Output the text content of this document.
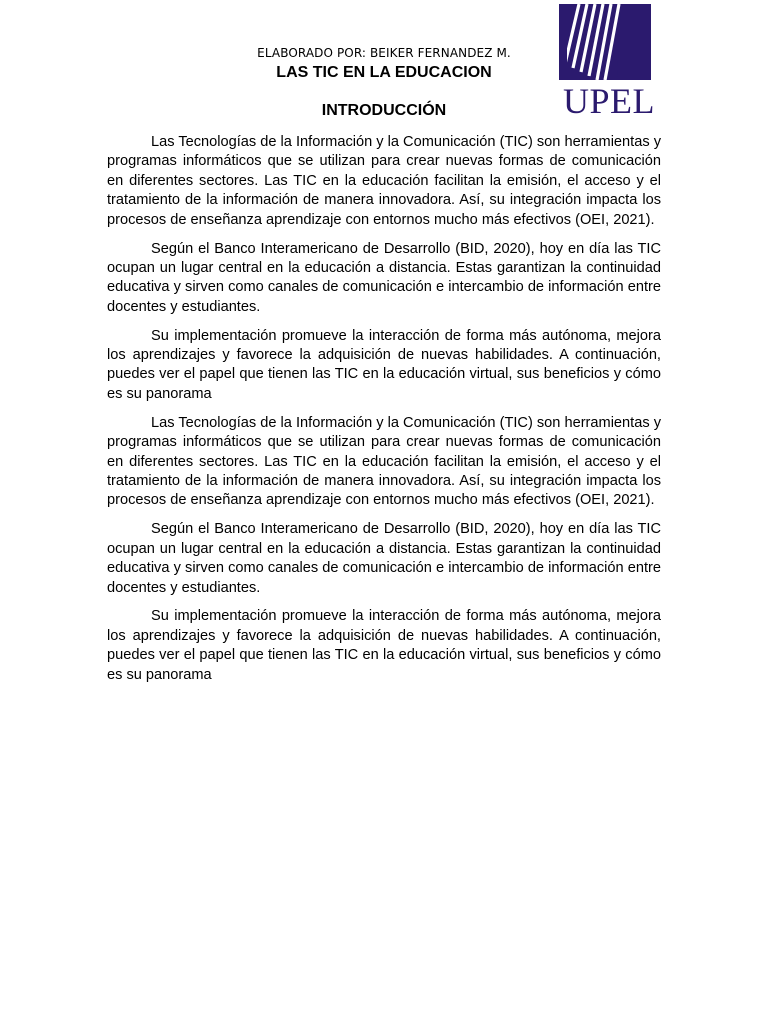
ELABORADO POR: BEIKER FERNANDEZ M.
LAS TIC EN LA EDUCACION
INTRODUCCIÓN	UPEL

Las Tecnologías de la Información y la Comunicación (TIC) son herramientas y programas informáticos que se utilizan para crear nuevas formas de comunicación en diferentes sectores. Las TIC en la educación facilitan la emisión, el acceso y el tratamiento de la información de manera innovadora. Así, su integración impacta los procesos de enseñanza aprendizaje con entornos mucho más efectivos (OEI, 2021).

Según el Banco Interamericano de Desarrollo (BID, 2020), hoy en día las TIC ocupan un lugar central en la educación a distancia. Estas garantizan la continuidad educativa y sirven como canales de comunicación e intercambio de información entre docentes y estudiantes.

Su implementación promueve la interacción de forma más autónoma, mejora los aprendizajes y favorece la adquisición de nuevas habilidades. A continuación, puedes ver el papel que tienen las TIC en la educación virtual, sus beneficios y cómo es su panorama

Las Tecnologías de la Información y la Comunicación (TIC) son herramientas y programas informáticos que se utilizan para crear nuevas formas de comunicación en diferentes sectores. Las TIC en la educación facilitan la emisión, el acceso y el tratamiento de la información de manera innovadora. Así, su integración impacta los procesos de enseñanza aprendizaje con entornos mucho más efectivos (OEI, 2021).

Según el Banco Interamericano de Desarrollo (BID, 2020), hoy en día las TIC ocupan un lugar central en la educación a distancia. Estas garantizan la continuidad educativa y sirven como canales de comunicación e intercambio de información entre docentes y estudiantes.

Su implementación promueve la interacción de forma más autónoma, mejora los aprendizajes y favorece la adquisición de nuevas habilidades. A continuación, puedes ver el papel que tienen las TIC en la educación virtual, sus beneficios y cómo es su panorama
